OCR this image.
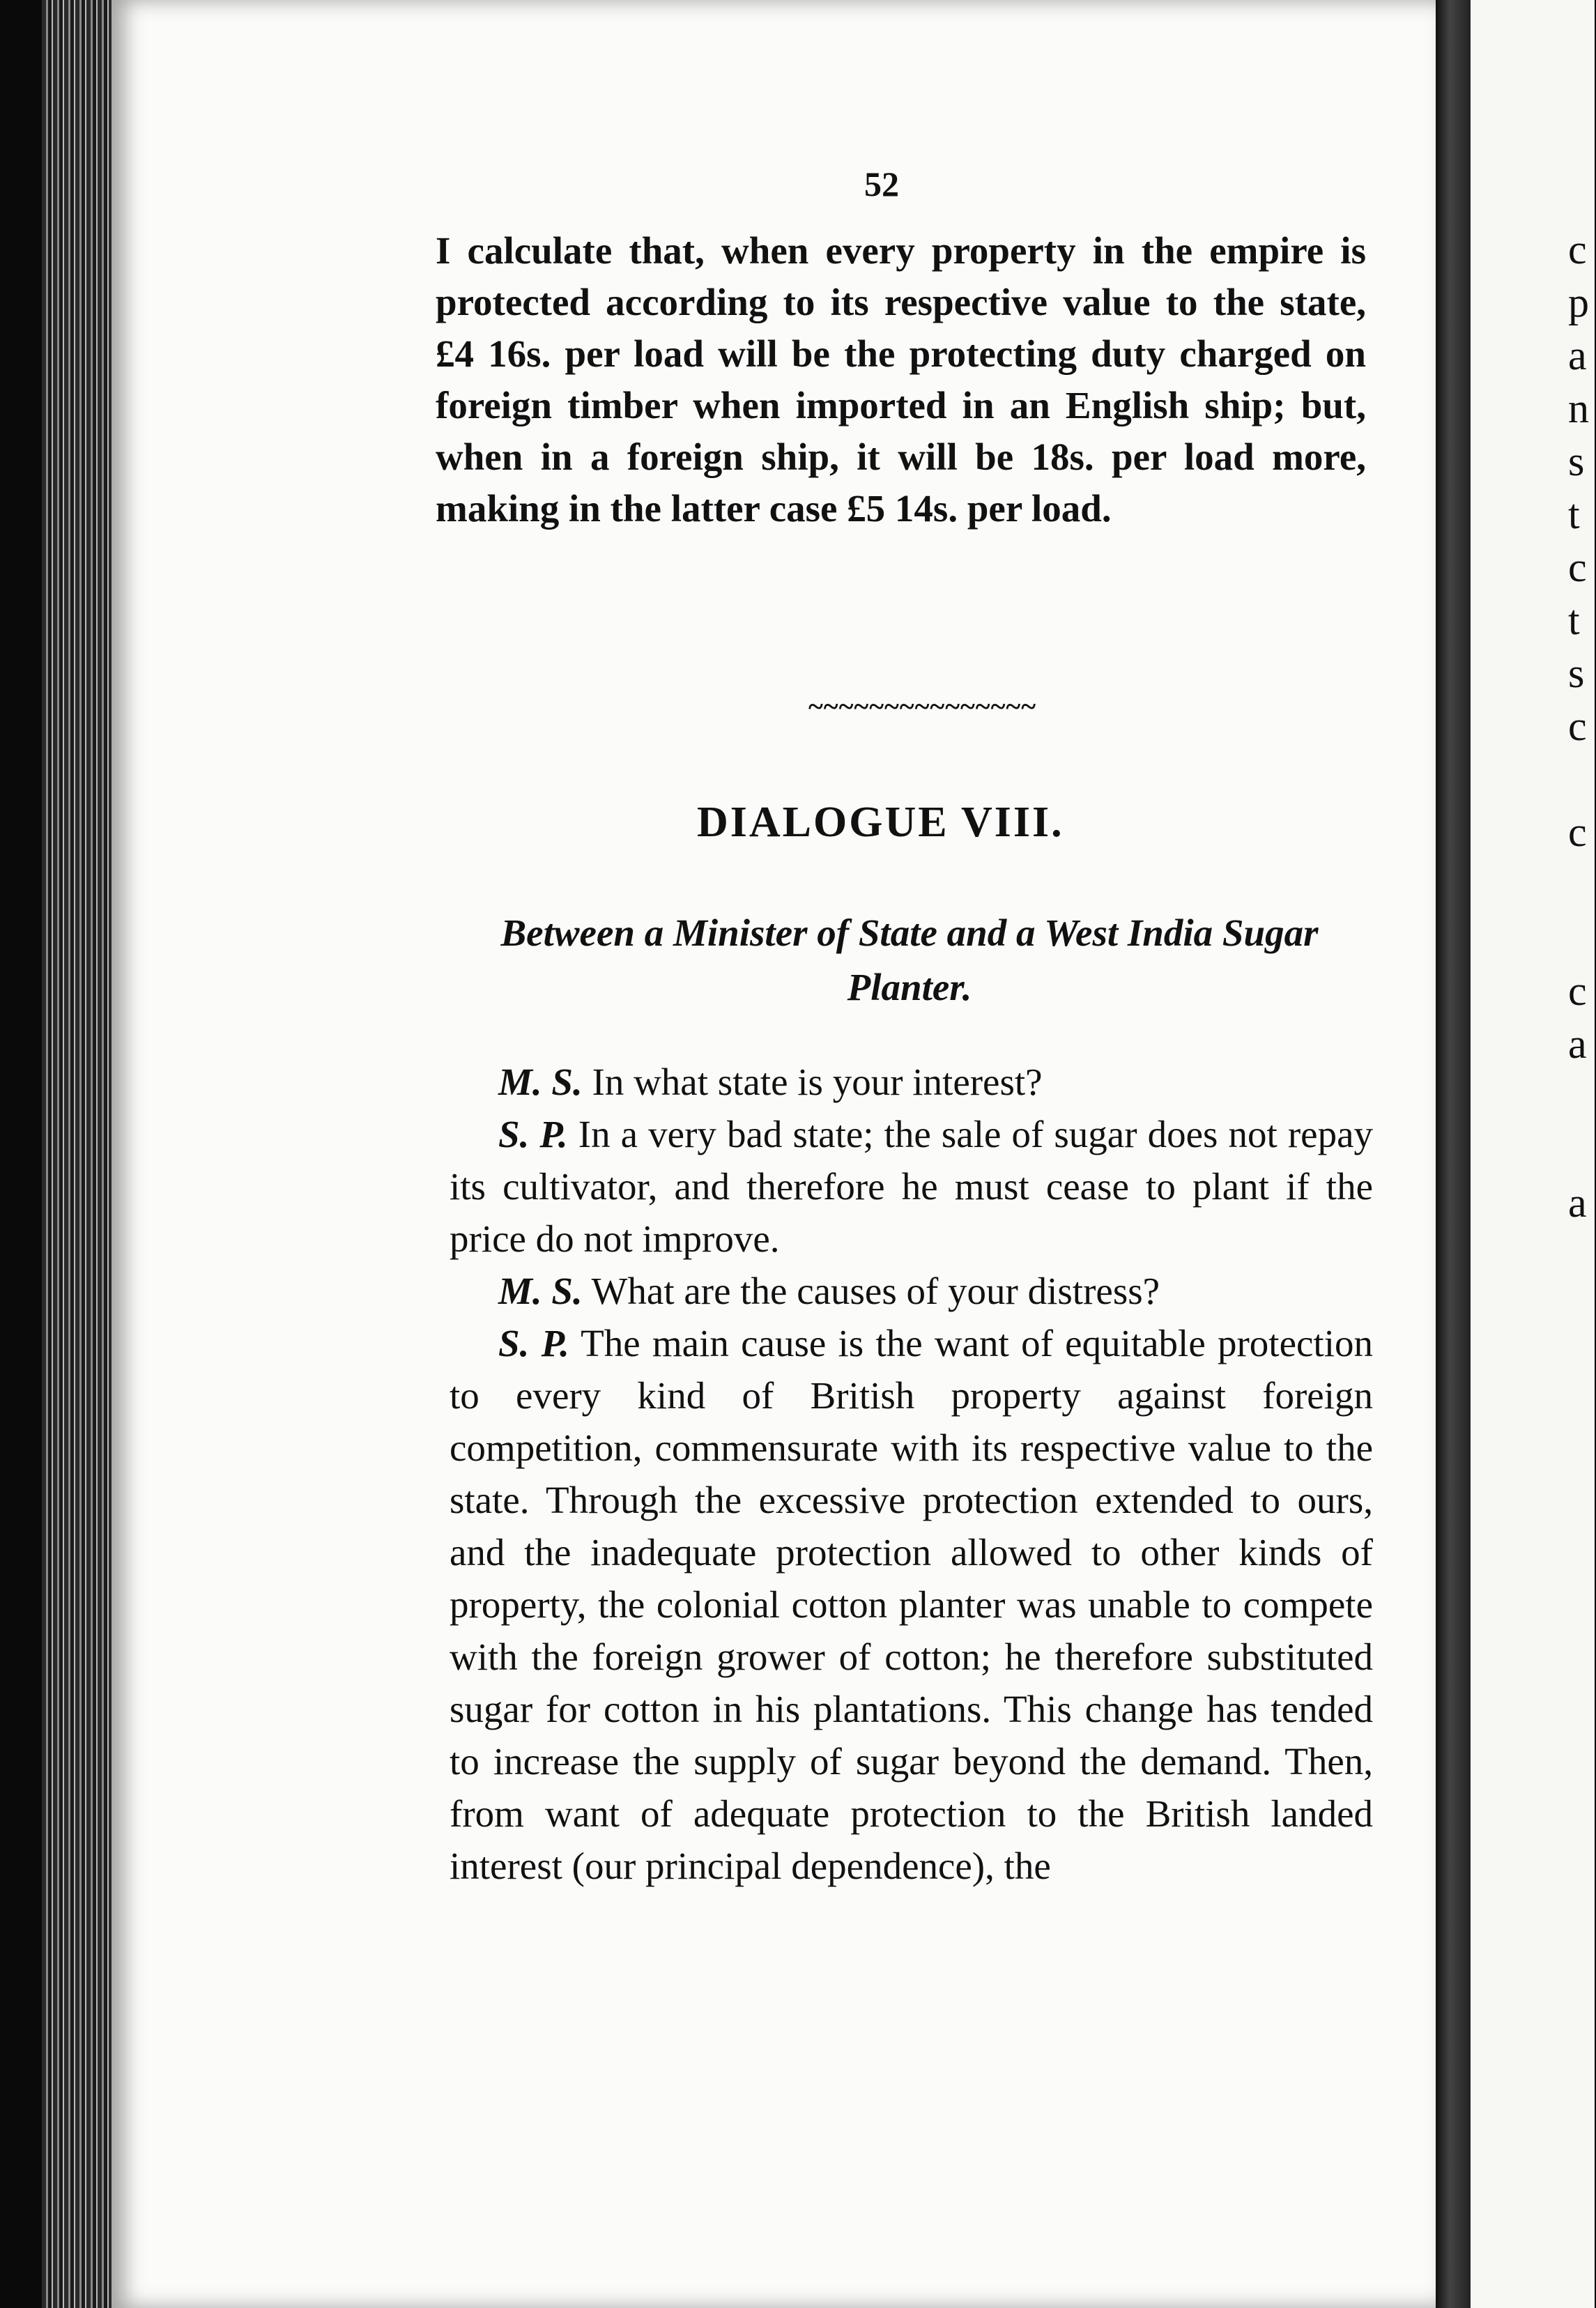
52
I calculate that, when every property in the empire is protected according to its respective value to the state, £4 16s. per load will be the protecting duty charged on foreign timber when imported in an English ship; but, when in a foreign ship, it will be 18s. per load more, making in the latter case £5 14s. per load.
~~~~~~~~~~~~~~~
DIALOGUE VIII.
Between a Minister of State and a West India Sugar Planter.
M. S. In what state is your interest?
S. P. In a very bad state; the sale of sugar does not repay its cultivator, and therefore he must cease to plant if the price do not improve.
M. S. What are the causes of your distress?
S. P. The main cause is the want of equitable protection to every kind of British property against foreign competition, commensurate with its respective value to the state. Through the excessive protection extended to ours, and the inadequate protection allowed to other kinds of property, the colonial cotton planter was unable to compete with the foreign grower of cotton; he therefore substituted sugar for cotton in his plantations. This change has tended to increase the supply of sugar beyond the demand. Then, from want of adequate protection to the British landed interest (our principal dependence), the
c
p
a
n
s
t
c
t
s
c

c

c
a

a
